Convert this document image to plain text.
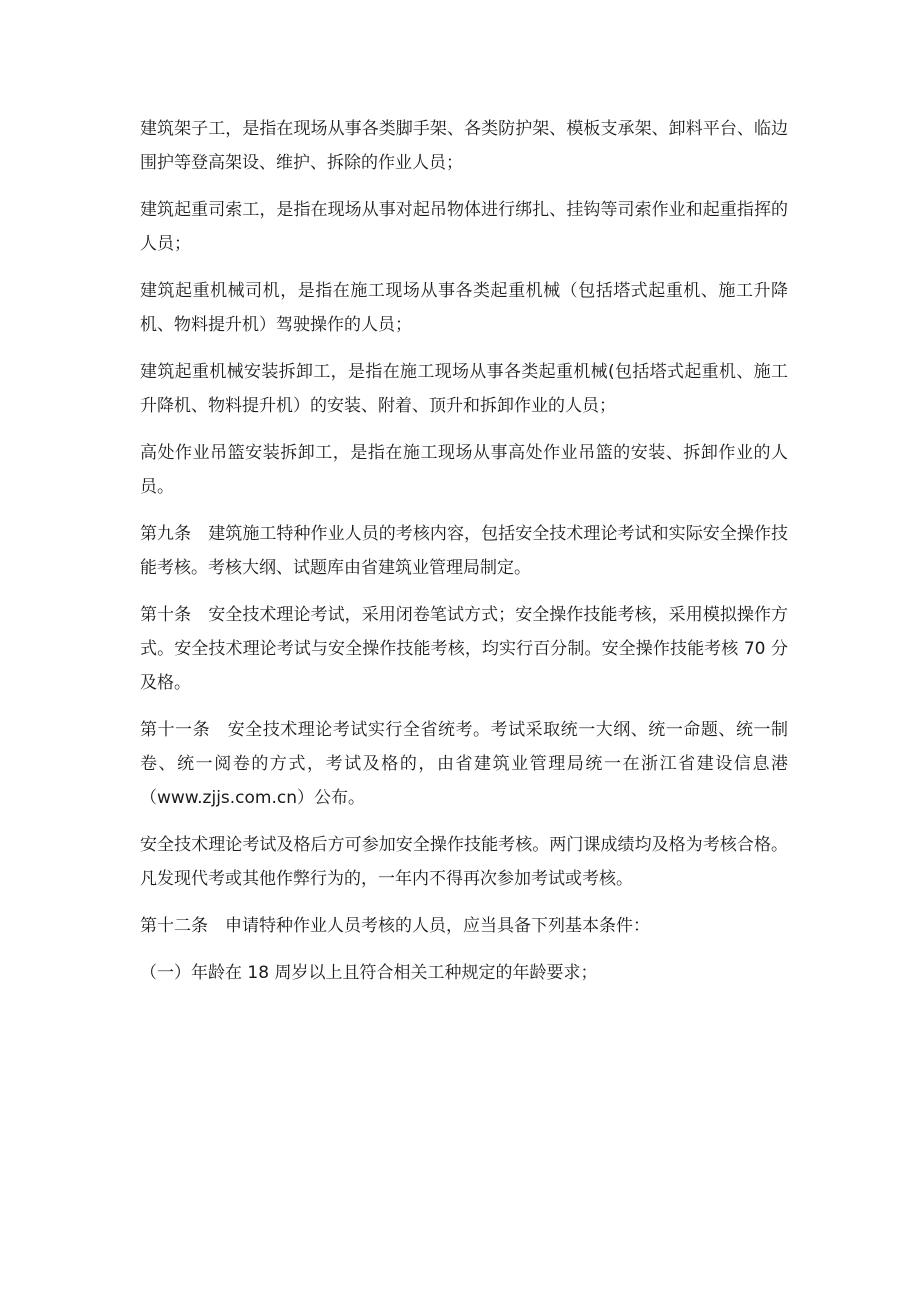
建筑架子工，是指在现场从事各类脚手架、各类防护架、模板支承架、卸料平台、临边围护等登高架设、维护、拆除的作业人员；

建筑起重司索工，是指在现场从事对起吊物体进行绑扎、挂钩等司索作业和起重指挥的人员；

建筑起重机械司机，是指在施工现场从事各类起重机械（包括塔式起重机、施工升降机、物料提升机）驾驶操作的人员；

建筑起重机械安装拆卸工，是指在施工现场从事各类起重机械(包括塔式起重机、施工升降机、物料提升机）的安装、附着、顶升和拆卸作业的人员；

高处作业吊篮安装拆卸工，是指在施工现场从事高处作业吊篮的安装、拆卸作业的人员。

第九条　建筑施工特种作业人员的考核内容，包括安全技术理论考试和实际安全操作技能考核。考核大纲、试题库由省建筑业管理局制定。

第十条　安全技术理论考试，采用闭卷笔试方式；安全操作技能考核，采用模拟操作方式。安全技术理论考试与安全操作技能考核，均实行百分制。安全操作技能考核 70 分及格。

第十一条　安全技术理论考试实行全省统考。考试采取统一大纲、统一命题、统一制卷、统一阅卷的方式，考试及格的，由省建筑业管理局统一在浙江省建设信息港（www.zjjs.com.cn）公布。

安全技术理论考试及格后方可参加安全操作技能考核。两门课成绩均及格为考核合格。凡发现代考或其他作弊行为的，一年内不得再次参加考试或考核。

第十二条　申请特种作业人员考核的人员，应当具备下列基本条件：

（一）年龄在 18 周岁以上且符合相关工种规定的年龄要求；
